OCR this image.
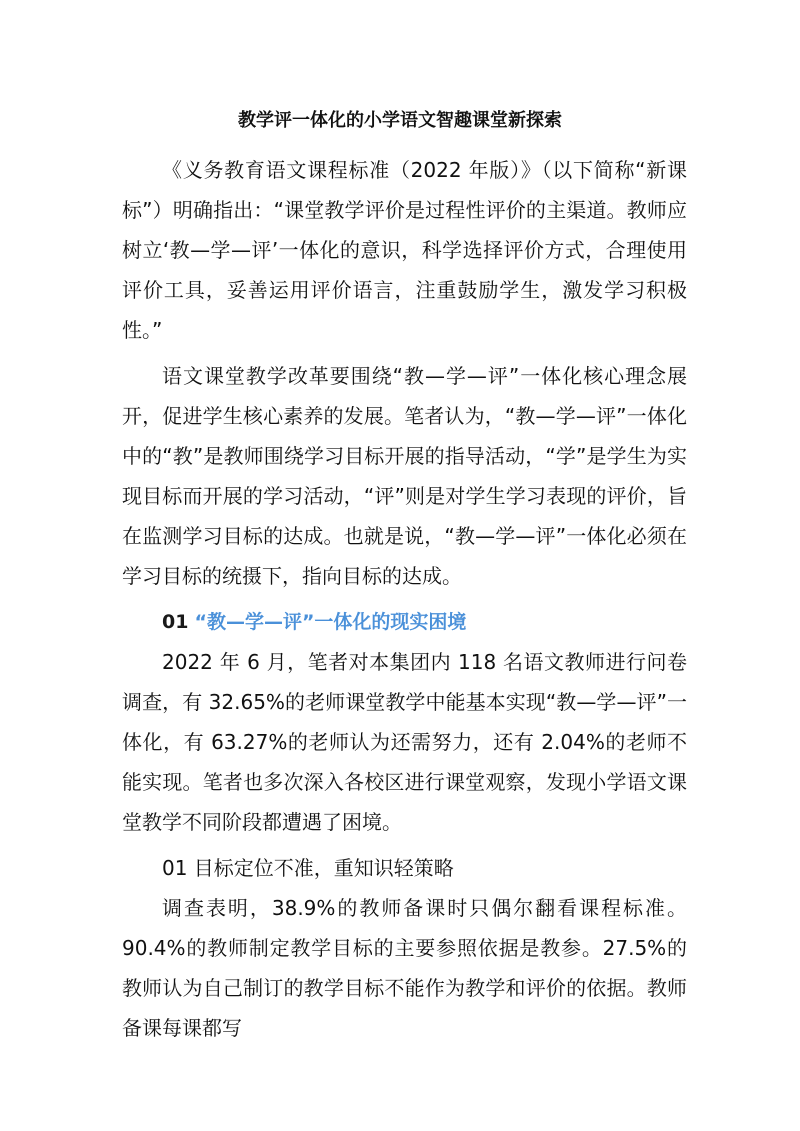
教学评一体化的小学语文智趣课堂新探索

《义务教育语文课程标准（2022 年版）》（以下简称“新课标”）明确指出：“课堂教学评价是过程性评价的主渠道。教师应树立‘教—学—评’一体化的意识，科学选择评价方式，合理使用评价工具，妥善运用评价语言，注重鼓励学生，激发学习积极性。”

语文课堂教学改革要围绕“教—学—评”一体化核心理念展开，促进学生核心素养的发展。笔者认为，“教—学—评”一体化中的“教”是教师围绕学习目标开展的指导活动，“学”是学生为实现目标而开展的学习活动，“评”则是对学生学习表现的评价，旨在监测学习目标的达成。也就是说，“教—学—评”一体化必须在学习目标的统摄下，指向目标的达成。

01 “教—学—评”一体化的现实困境

2022 年 6 月，笔者对本集团内 118 名语文教师进行问卷调查，有 32.65%的老师课堂教学中能基本实现“教—学—评”一体化，有 63.27%的老师认为还需努力，还有 2.04%的老师不能实现。笔者也多次深入各校区进行课堂观察，发现小学语文课堂教学不同阶段都遭遇了困境。

01 目标定位不准，重知识轻策略

调查表明，38.9%的教师备课时只偶尔翻看课程标准。90.4%的教师制定教学目标的主要参照依据是教参。27.5%的教师认为自己制订的教学目标不能作为教学和评价的依据。教师备课每课都写
